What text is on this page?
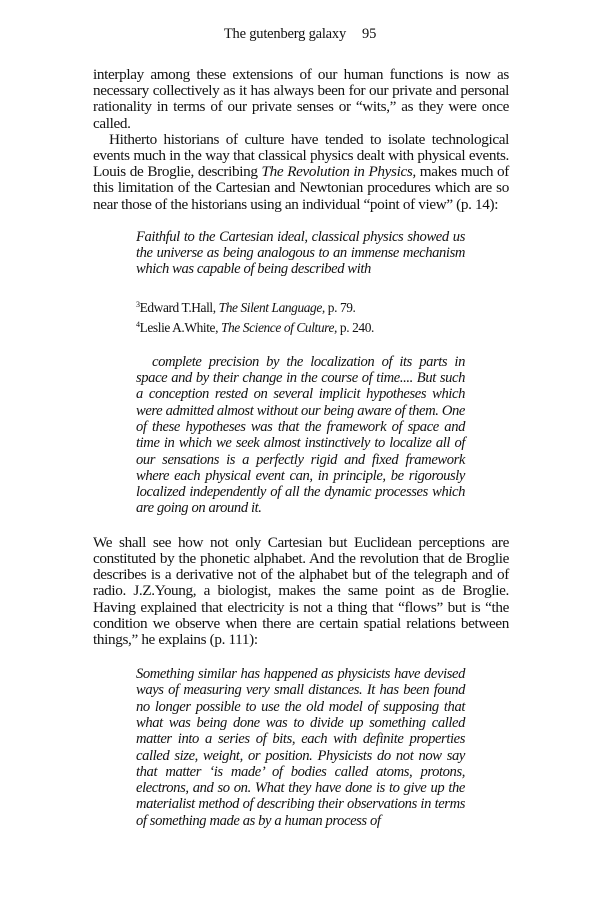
The gutenberg galaxy 95

interplay among these extensions of our human functions is now as necessary collectively as it has always been for our private and personal rationality in terms of our private senses or “wits,” as they were once called.

Hitherto historians of culture have tended to isolate technological events much in the way that classical physics dealt with physical events. Louis de Broglie, describing The Revolution in Physics, makes much of this limitation of the Cartesian and Newtonian procedures which are so near those of the historians using an individual “point of view” (p. 14):

Faithful to the Cartesian ideal, classical physics showed us the universe as being analogous to an immense mechanism which was capable of being described with

$^3$Edward T.Hall, The Silent Language, p. 79.
$^4$Leslie A.White, The Science of Culture, p. 240.

complete precision by the localization of its parts in space and by their change in the course of time.... But such a conception rested on several implicit hypotheses which were admitted almost without our being aware of them. One of these hypotheses was that the framework of space and time in which we seek almost instinctively to localize all of our sensations is a perfectly rigid and fixed framework where each physical event can, in principle, be rigorously localized independently of all the dynamic processes which are going on around it.

We shall see how not only Cartesian but Euclidean perceptions are constituted by the phonetic alphabet. And the revolution that de Broglie describes is a derivative not of the alphabet but of the telegraph and of radio. J.Z.Young, a biologist, makes the same point as de Broglie. Having explained that electricity is not a thing that “flows” but is “the condition we observe when there are certain spatial relations between things,” he explains (p. 111):

Something similar has happened as physicists have devised ways of measuring very small distances. It has been found no longer possible to use the old model of supposing that what was being done was to divide up something called matter into a series of bits, each with definite properties called size, weight, or position. Physicists do not now say that matter ‘is made’ of bodies called atoms, protons, electrons, and so on. What they have done is to give up the materialist method of describing their observations in terms of something made as by a human process of
